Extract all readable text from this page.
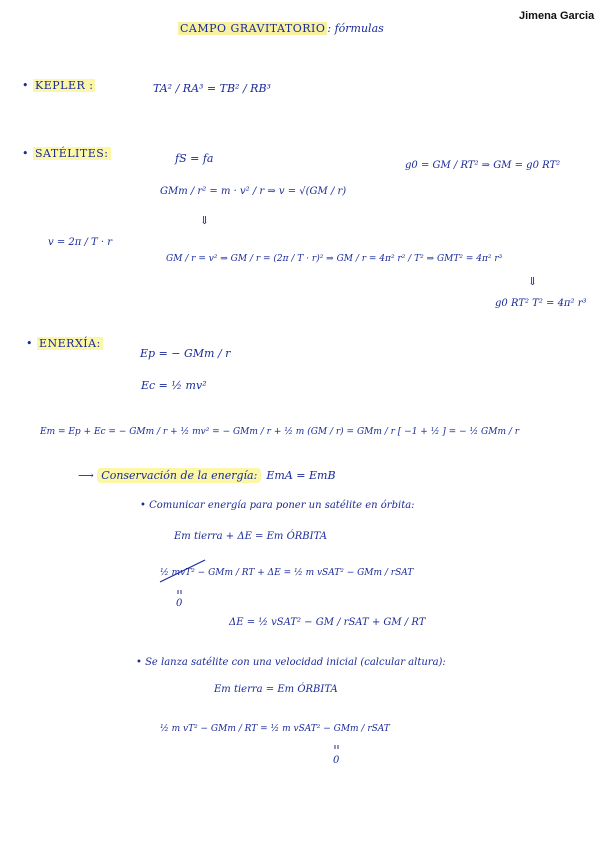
Jimena Garcia
CAMPO GRAVITATORIO : fórmulas
• KEPLER :	TA² / RA³ = TB² / RB³
• SATÉLITES:	fS = fa
g0 = GM / RT² ⇒ GM = g0 RT²
GMm / r² = m · v² / r ⇒ v = √(GM / r)
⇓
v = 2π / T · r
GM / r = v² ⇒ GM / r = (2π / T · r)² ⇒ GM / r = 4π² r² / T² ⇒ GMT² = 4π² r³
⇓
g0 RT² T² = 4π² r³
• ENERXÍA:
Ep = − GMm / r
Ec = ½ mv²
Em = Ep + Ec = − GMm / r + ½ mv² = − GMm / r + ½ m (GM / r) = GMm / r [ −1 + ½ ] = − ½ GMm / r
⟶ Conservación de la energía: EmA = EmB
• Comunicar energía para poner un satélite en órbita:
Em tierra + ΔE = Em ÓRBITA
½ mvT² − GMm / RT + ΔE = ½ m vSAT² − GMm / rSAT
0
ΔE = ½ vSAT² − GM / rSAT + GM / RT
• Se lanza satélite con una velocidad inicial (calcular altura):
Em tierra = Em ÓRBITA
½ m vT² − GMm / RT = ½ m vSAT² − GMm / rSAT
0
